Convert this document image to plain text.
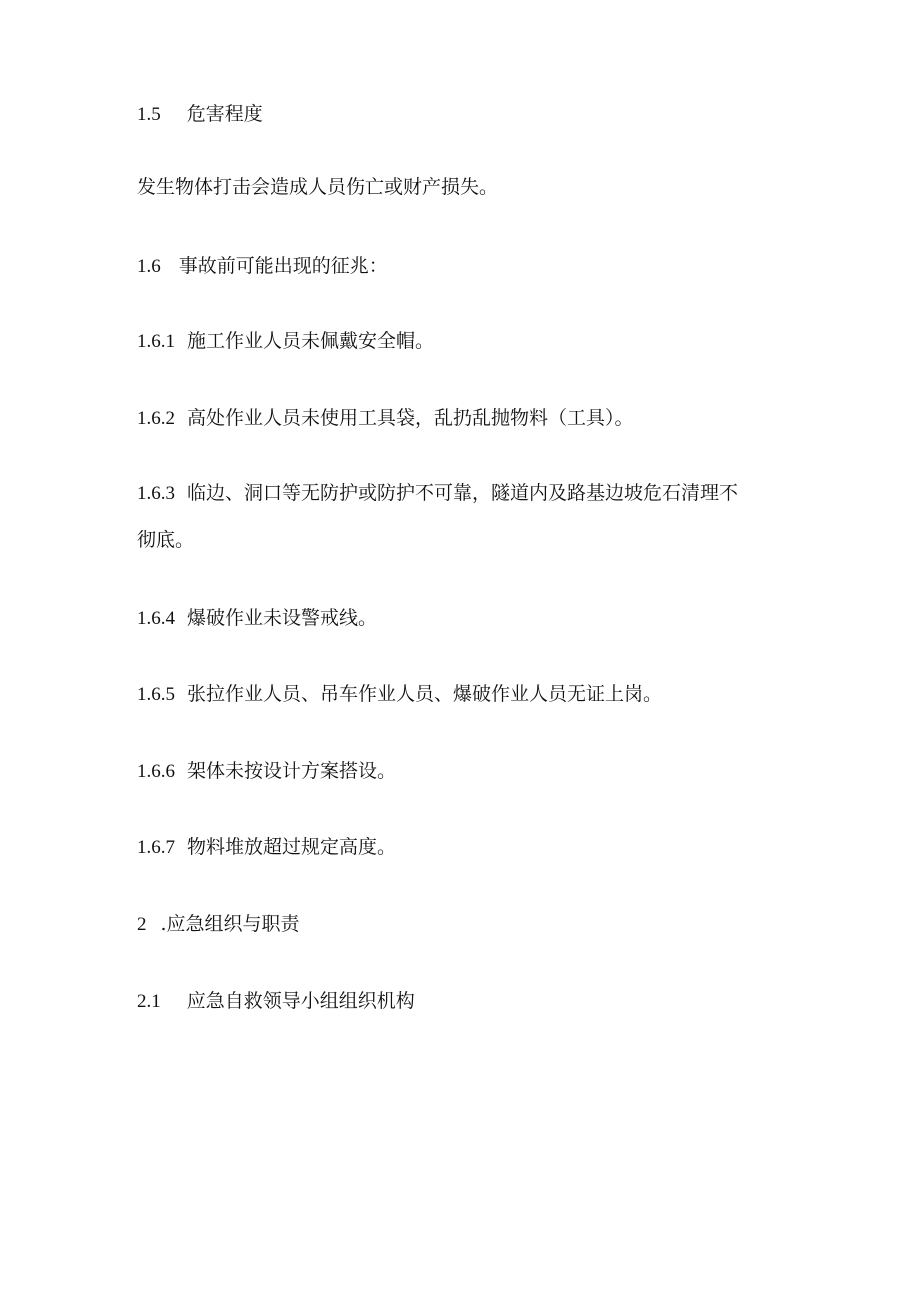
1.5 危害程度
发生物体打击会造成人员伤亡或财产损失。
1.6 事故前可能出现的征兆：
1.6.1 施工作业人员未佩戴安全帽。
1.6.2 高处作业人员未使用工具袋，乱扔乱抛物料（工具）。
1.6.3 临边、洞口等无防护或防护不可靠，隧道内及路基边坡危石清理不
彻底。
1.6.4 爆破作业未设警戒线。
1.6.5 张拉作业人员、吊车作业人员、爆破作业人员无证上岗。
1.6.6 架体未按设计方案搭设。
1.6.7 物料堆放超过规定高度。
2 .应急组织与职责
2.1 应急自救领导小组组织机构
